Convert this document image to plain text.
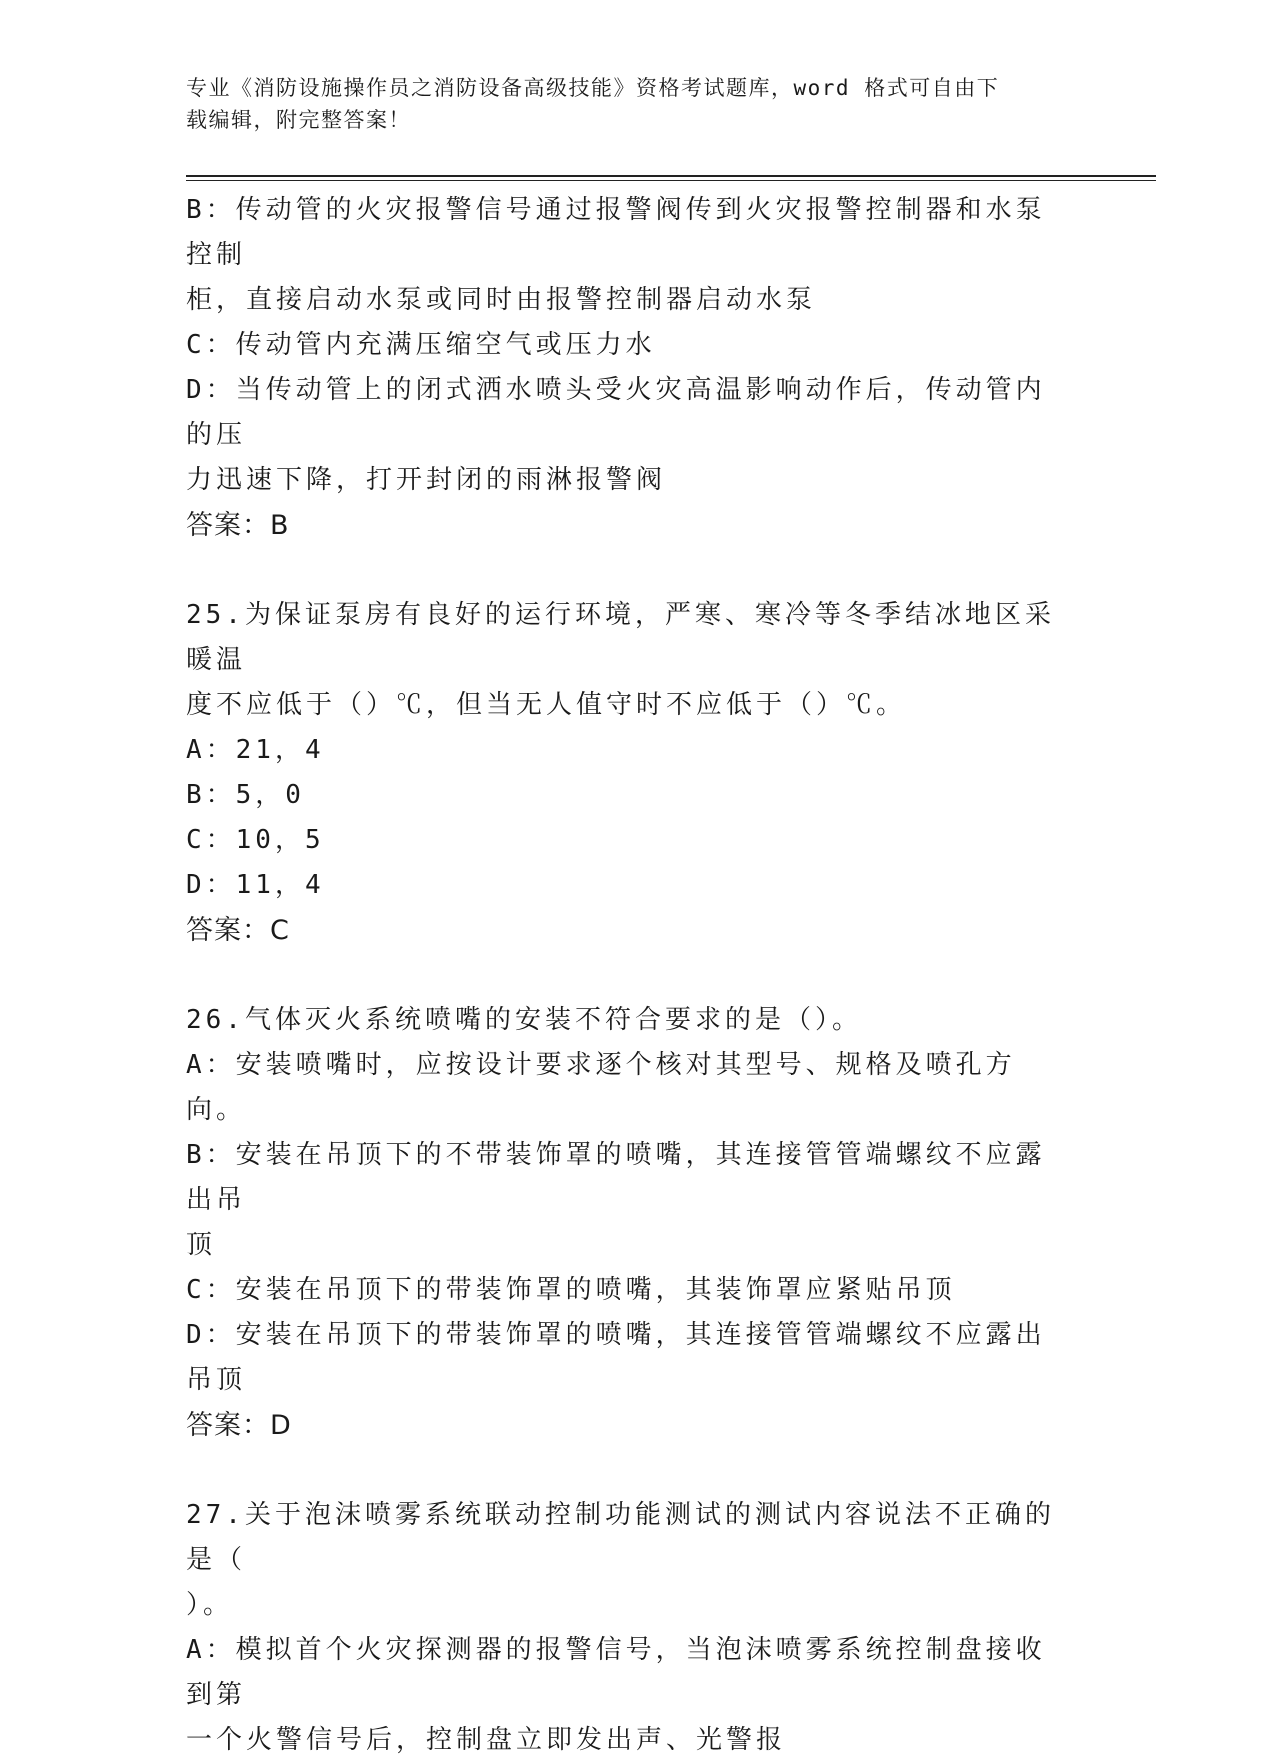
专业《消防设施操作员之消防设备高级技能》资格考试题库，word 格式可自由下
载编辑，附完整答案！
B：传动管的火灾报警信号通过报警阀传到火灾报警控制器和水泵控制
柜，直接启动水泵或同时由报警控制器启动水泵
C：传动管内充满压缩空气或压力水
D：当传动管上的闭式洒水喷头受火灾高温影响动作后，传动管内的压
力迅速下降，打开封闭的雨淋报警阀
答案：B
25.为保证泵房有良好的运行环境，严寒、寒冷等冬季结冰地区采暖温
度不应低于（）℃，但当无人值守时不应低于（）℃。
A：21，4
B：5，0
C：10，5
D：11，4
答案：C
26.气体灭火系统喷嘴的安装不符合要求的是（）。
A：安装喷嘴时，应按设计要求逐个核对其型号、规格及喷孔方向。
B：安装在吊顶下的不带装饰罩的喷嘴，其连接管管端螺纹不应露出吊
顶
C：安装在吊顶下的带装饰罩的喷嘴，其装饰罩应紧贴吊顶
D：安装在吊顶下的带装饰罩的喷嘴，其连接管管端螺纹不应露出吊顶
答案：D
27.关于泡沫喷雾系统联动控制功能测试的测试内容说法不正确的是（
）。
A：模拟首个火灾探测器的报警信号，当泡沫喷雾系统控制盘接收到第
一个火警信号后，控制盘立即发出声、光警报
